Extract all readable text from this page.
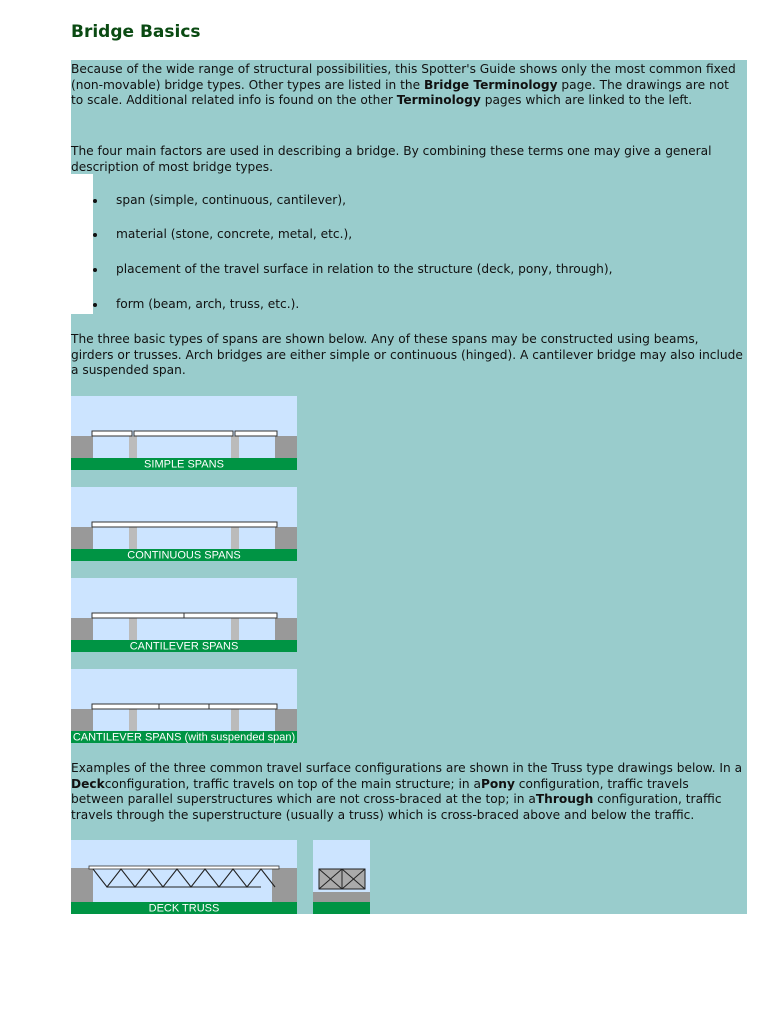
Bridge Basics

Because of the wide range of structural possibilities, this Spotter's Guide shows only the most common fixed (non-movable) bridge types. Other types are listed in the Bridge Terminology page. The drawings are not to scale. Additional related info is found on the other Terminology pages which are linked to the left.

The four main factors are used in describing a bridge. By combining these terms one may give a general description of most bridge types.

span (simple, continuous, cantilever),
material (stone, concrete, metal, etc.),
placement of the travel surface in relation to the structure (deck, pony, through),
form (beam, arch, truss, etc.).

The three basic types of spans are shown below. Any of these spans may be constructed using beams, girders or trusses. Arch bridges are either simple or continuous (hinged). A cantilever bridge may also include a suspended span.

SIMPLE SPANS
CONTINUOUS SPANS
CANTILEVER SPANS
CANTILEVER SPANS (with suspended span)

Examples of the three common travel surface configurations are shown in the Truss type drawings below. In a Deckconfiguration, traffic travels on top of the main structure; in aPony configuration, traffic travels between parallel superstructures which are not cross-braced at the top; in aThrough configuration, traffic travels through the superstructure (usually a truss) which is cross-braced above and below the traffic.

DECK TRUSS
